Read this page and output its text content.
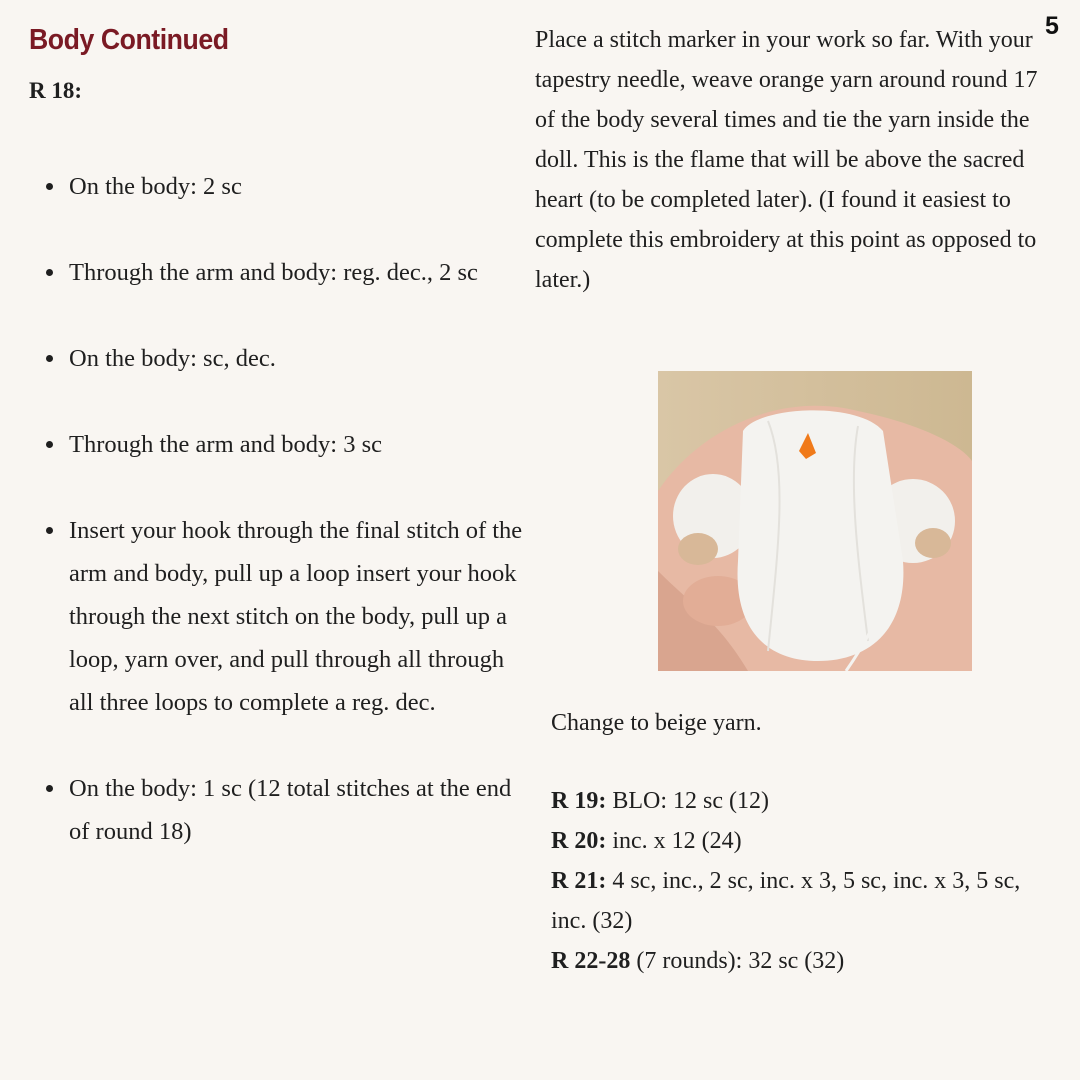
Body Continued	5
R 18:
On the body: 2 sc
Through the arm and body: reg. dec., 2 sc
On the body: sc, dec.
Through the arm and body: 3 sc
Insert your hook through the final stitch of the arm and body, pull up a loop insert your hook through the next stitch on the body, pull up a loop, yarn over, and pull through all through all three loops to complete a reg. dec.
On the body: 1 sc (12 total stitches at the end of round 18)

Place a stitch marker in your work so far. With your tapestry needle, weave orange yarn around round 17 of the body several times and tie the yarn inside the doll. This is the flame that will be above the sacred heart (to be completed later). (I found it easiest to complete this embroidery at this point as opposed to later.)

Change to beige yarn.

R 19: BLO: 12 sc (12)
R 20: inc. x 12 (24)
R 21: 4 sc, inc., 2 sc, inc. x 3, 5 sc, inc. x 3, 5 sc, inc. (32)
R 22-28 (7 rounds): 32 sc (32)
